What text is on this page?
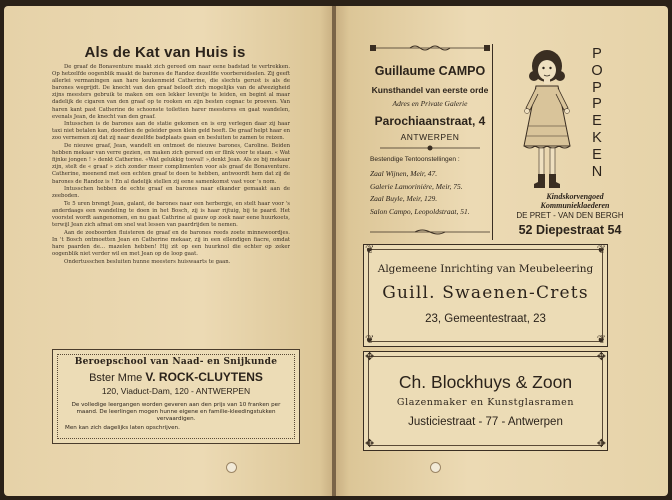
Als de Kat van Huis is

De graaf de Bonaventure maakt zich gereed om naar eene badstad te vertrekken. Op hetzelfde oogenblik maakt de barones de Randoz dezelfde voorbereidselen. Zij geeft allerlei vermaningen aan hare keukenmeid Catherine, die slechts gerust is als de barones wegrijdt. De knecht van den graaf belooft zich mogelijks van de afwezigheid zijns meesters gebruik te maken om een lekker leventje te leiden, en begint al maar dadelijk de cigaren van den graaf op te rooken en zijn besten cognac te proeven. Van haren kant past Catherine de schoonste toiletten harer meesteres en gaat wandelen, evenals Jean, de knecht van den graaf.

Intusschen is de barones aan de statie gekomen en is erg verlegen daar zij haar taxi niet betalen kan, doordien de geleider geen klein geld heeft. De graaf helpt haar en zoo vernemen zij dat zij naar dezelfde badplaats gaan en besluiten te zamen te reizen.

De nieuwe graaf, Jean, wandelt en ontmoet de nieuwe barones, Caroline. Beiden hebben mekaar van verre gezien, en maken zich gereed om er flink voor te staan. « Wat fijnke jongen ! » denkt Catherine. «Wat gelukkig toeval! »,denkt Jean. Als ze bij mekaar zijn, stelt de « graaf » zich zonder meer complimenten voor als graaf de Bonaventure. Catherine, meenend met een echten graaf te doen te hebben, antwoordt hem dat zij de barones de Randoz is ! En al dadelijk stellen zij eene samenkomst vast voor 's nom.

Intusschen hebben de echte graaf en barones naar elkander gemaakt aan de zeeboden.

Te 5 uren brengt Jean, galant, de barones naar een herbergje, en stelt haar voor 's anderdaags een wandeling te doen in het Bosch, zij is haar rijtuig, bij te paard. Het voorstel wordt aangenomen, en nu gaat Cathrine al gauw op zoek naar eene huurkoets, terwijl Jean zich afmat om snel wat lessen van paardrijden te nemen.

Aan de zeeboorden fluisteren de graaf en de barones reeds zoete minnewoordjes. In 't Bosch ontmoetten Jean en Catherine mekaar, zij in een ellendigen fiacre, omdat hare paarden de... mazelen hebben! Hij zit op een huurknol die echter op zeker oogenblik niet verder wil en met Jean op de loop gaat.

Ondertusschen besluiten hunne meesters huiswaarts te gaan.

Beroepschool van Naad- en Snijkunde
Bster Mme V. ROCK-CLUYTENS
120, Viaduct-Dam, 120 - ANTWERPEN
De volledige leergangen worden geveren aan den prijs van 10 franken per maand. De leerlingen mogen hunne eigene en familie-kleedingstukken vervaardigen.
Men kan zich dagelijks laten opschrijven.
Guillaume CAMPO
Kunsthandel van eerste orde
Adres en Private Galerie
Parochiaanstraat, 4
ANTWERPEN
Bestendige Tentoonstellingen :
Zaal Wijnen, Meir, 47.
Galerie Lamoriniére, Meir, 75.
Zaal Buyle, Meir, 129.
Salon Campo, Leopoldstraat, 51.
P
O
P
P
E
K
E
N
Kindskorvengoed
Kommunieklaederen
DE PRET - VAN DEN BERGH
52 Diepestraat 54
❦	❦
❦	❦
Algemeene Inrichting van Meubeleering
Guill. Swaenen-Crets
23, Gemeentestraat, 23
✥	✥
✥	✥
Ch. Blockhuys & Zoon
Glazenmaker en Kunstglasramen
Justiciestraat - 77 - Antwerpen
